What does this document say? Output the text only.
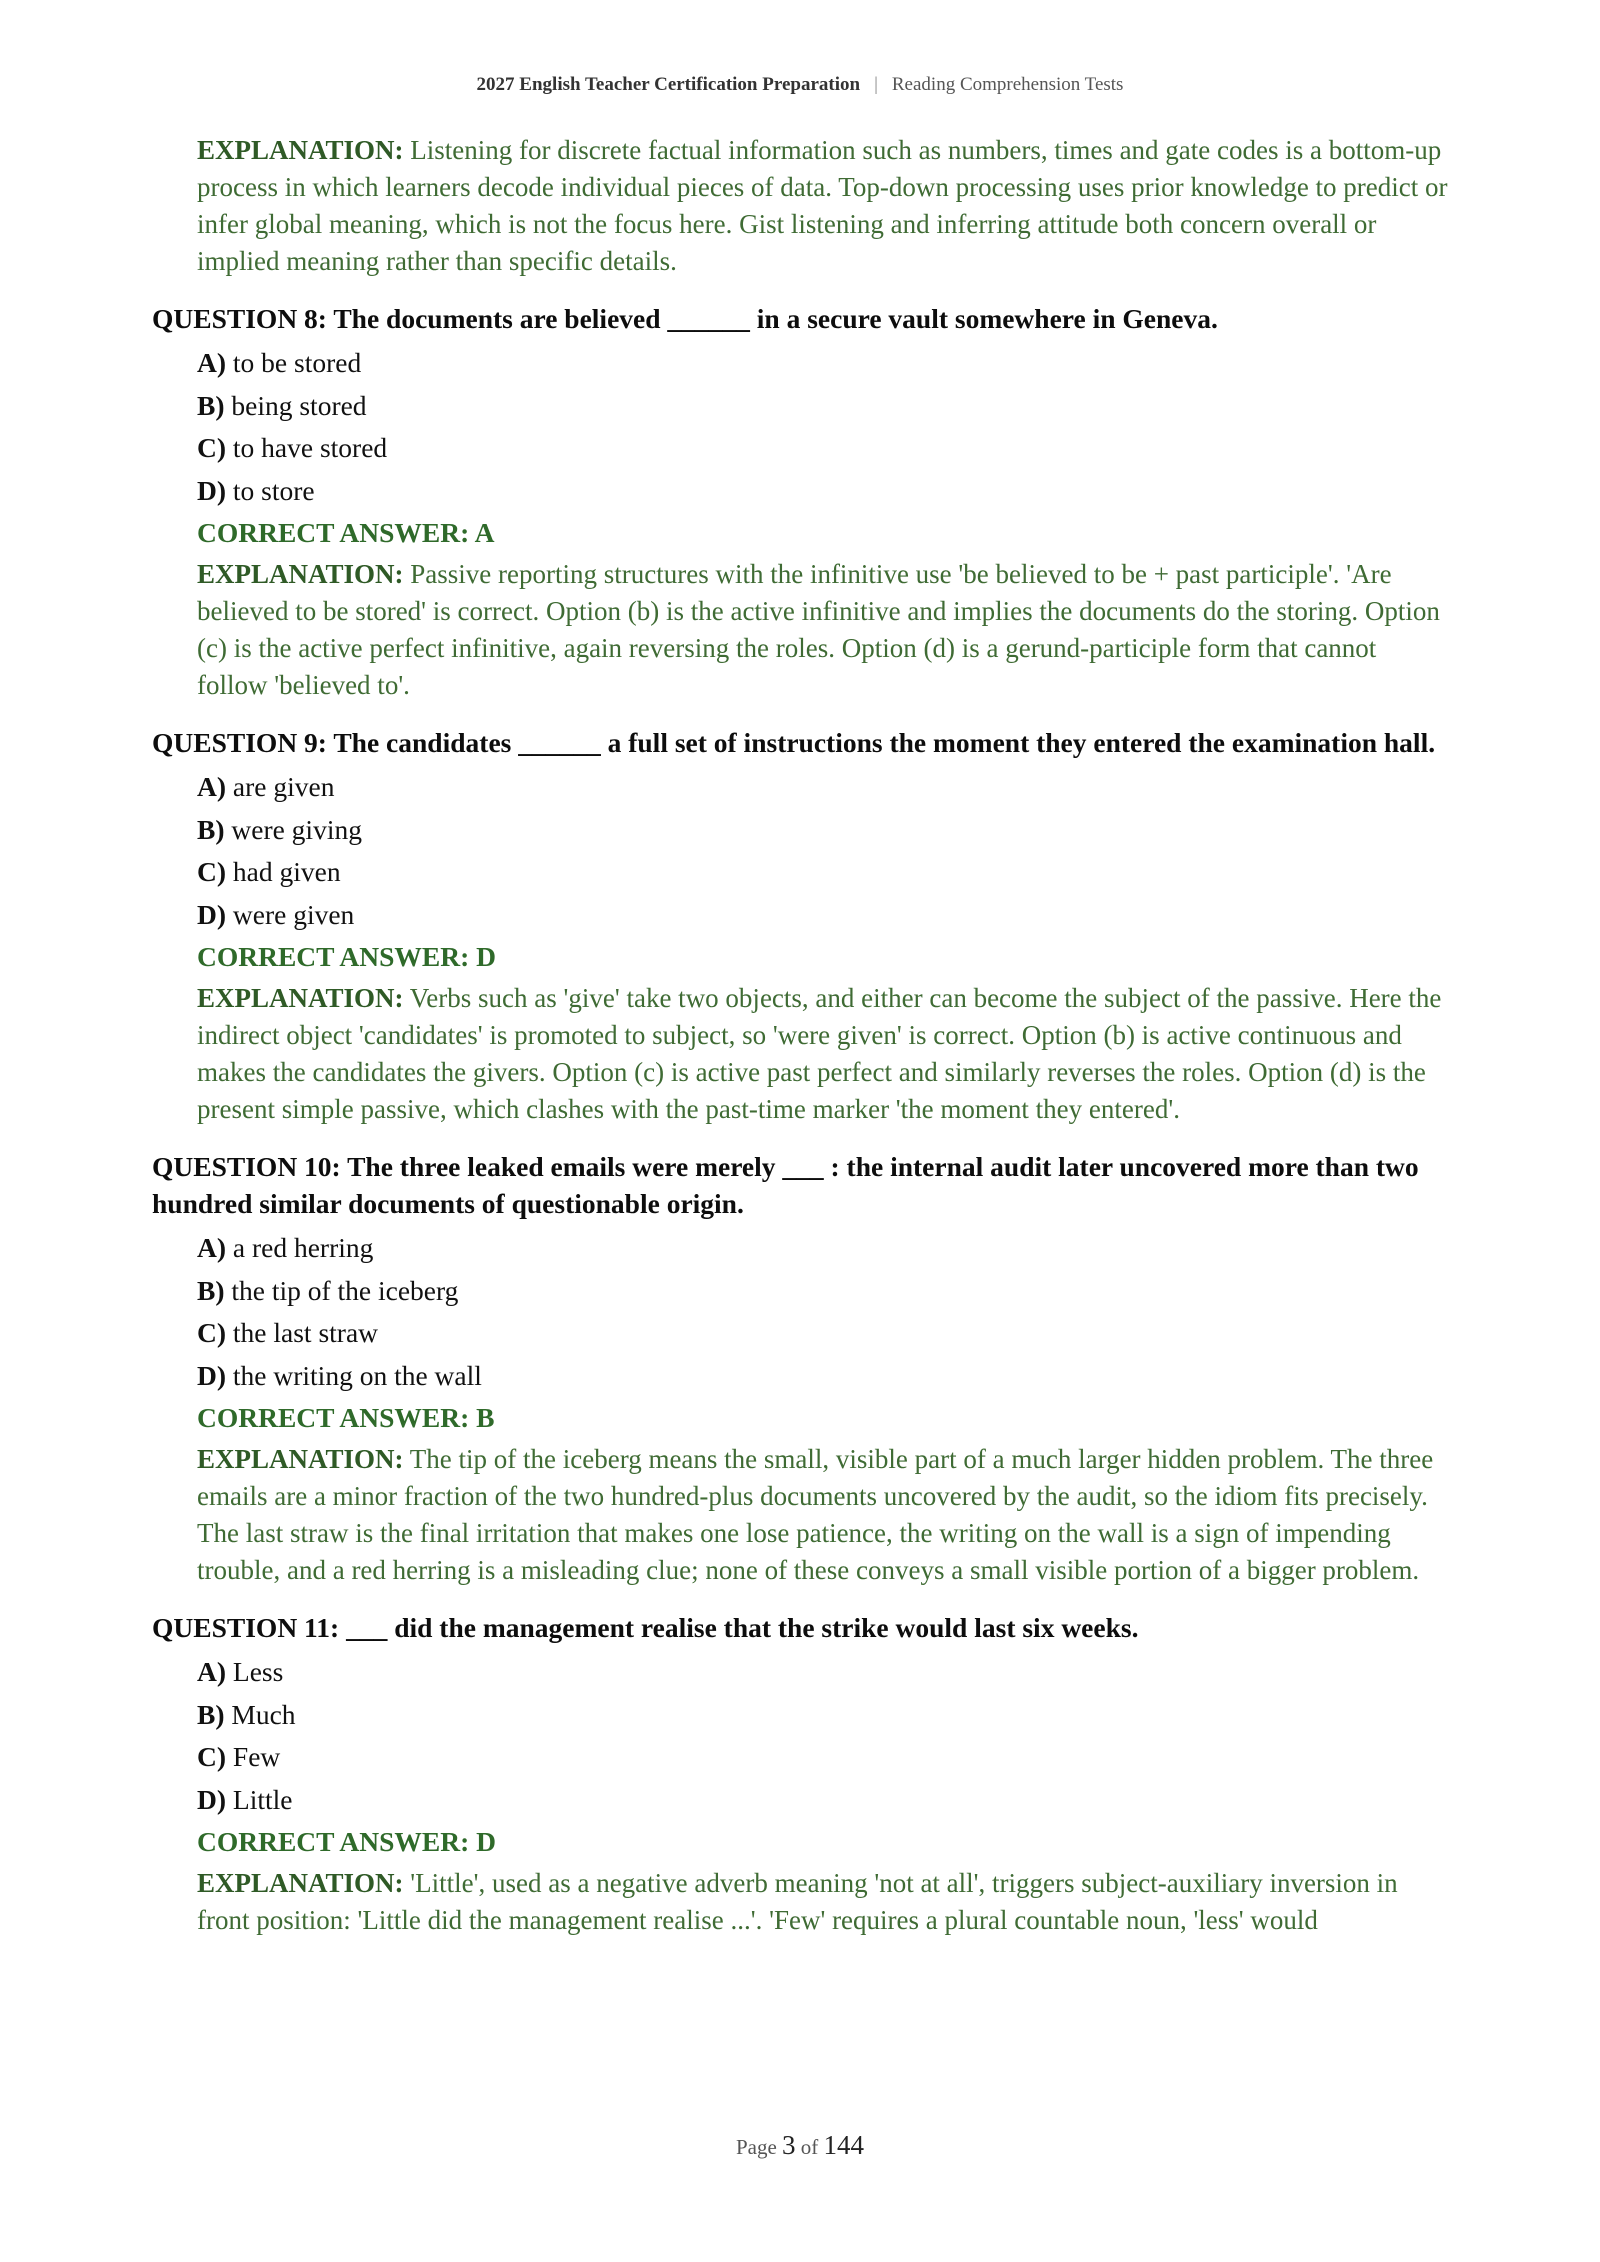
2027 English Teacher Certification Preparation | Reading Comprehension Tests
EXPLANATION: Listening for discrete factual information such as numbers, times and gate codes is a bottom-up process in which learners decode individual pieces of data. Top-down processing uses prior knowledge to predict or infer global meaning, which is not the focus here. Gist listening and inferring attitude both concern overall or implied meaning rather than specific details.
QUESTION 8: The documents are believed ______ in a secure vault somewhere in Geneva.
A) to be stored
B) being stored
C) to have stored
D) to store
CORRECT ANSWER: A
EXPLANATION: Passive reporting structures with the infinitive use 'be believed to be + past participle'. 'Are believed to be stored' is correct. Option (b) is the active infinitive and implies the documents do the storing. Option (c) is the active perfect infinitive, again reversing the roles. Option (d) is a gerund-participle form that cannot follow 'believed to'.
QUESTION 9: The candidates ______ a full set of instructions the moment they entered the examination hall.
A) are given
B) were giving
C) had given
D) were given
CORRECT ANSWER: D
EXPLANATION: Verbs such as 'give' take two objects, and either can become the subject of the passive. Here the indirect object 'candidates' is promoted to subject, so 'were given' is correct. Option (b) is active continuous and makes the candidates the givers. Option (c) is active past perfect and similarly reverses the roles. Option (d) is the present simple passive, which clashes with the past-time marker 'the moment they entered'.
QUESTION 10: The three leaked emails were merely ___ : the internal audit later uncovered more than two hundred similar documents of questionable origin.
A) a red herring
B) the tip of the iceberg
C) the last straw
D) the writing on the wall
CORRECT ANSWER: B
EXPLANATION: The tip of the iceberg means the small, visible part of a much larger hidden problem. The three emails are a minor fraction of the two hundred-plus documents uncovered by the audit, so the idiom fits precisely. The last straw is the final irritation that makes one lose patience, the writing on the wall is a sign of impending trouble, and a red herring is a misleading clue; none of these conveys a small visible portion of a bigger problem.
QUESTION 11: ___ did the management realise that the strike would last six weeks.
A) Less
B) Much
C) Few
D) Little
CORRECT ANSWER: D
EXPLANATION: 'Little', used as a negative adverb meaning 'not at all', triggers subject-auxiliary inversion in front position: 'Little did the management realise ...'. 'Few' requires a plural countable noun, 'less' would
Page 3 of 144
